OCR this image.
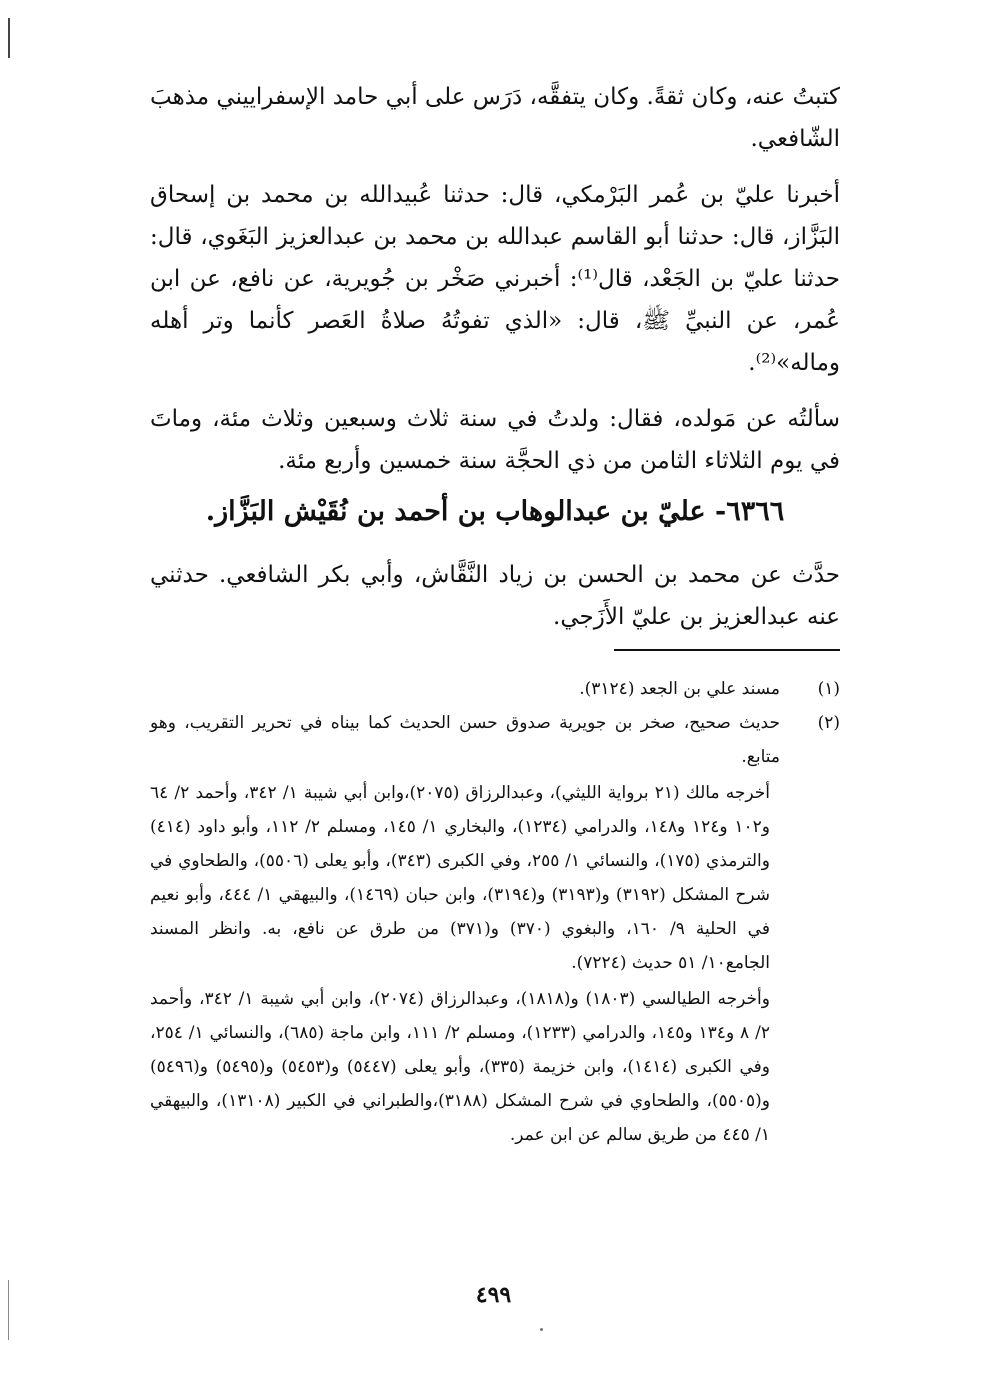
كتبتُ عنه، وكان ثقةً. وكان يتفقَّه، دَرَس على أبي حامد الإسفراييني مذهبَ الشّافعي.

أخبرنا عليّ بن عُمر البَرْمكي، قال: حدثنا عُبيدالله بن محمد بن إسحاق البَزَّاز، قال: حدثنا أبو القاسم عبدالله بن محمد بن عبدالعزيز البَغَوي، قال: حدثنا عليّ بن الجَعْد، قال⁽¹⁾: أخبرني صَخْر بن جُويرية، عن نافع، عن ابن عُمر، عن النبيِّ ﷺ، قال: «الذي تفوتُهُ صلاةُ العَصر كأنما وتر أهله وماله»⁽²⁾.

سألتُه عن مَولده، فقال: ولدتُ في سنة ثلاث وسبعين وثلاث مئة، وماتَ في يوم الثلاثاء الثامن من ذي الحجَّة سنة خمسين وأربع مئة.

٦٣٦٦- عليّ بن عبدالوهاب بن أحمد بن نُقَيْش البَزَّاز.

حدَّث عن محمد بن الحسن بن زياد النَّقَّاش، وأبي بكر الشافعي. حدثني عنه عبدالعزيز بن عليّ الأَزَجي.

(١)
مسند علي بن الجعد (٣١٢٤).
(٢)
حديث صحيح، صخر بن جويرية صدوق حسن الحديث كما بيناه في تحرير التقريب، وهو متابع.
أخرجه مالك (٢١ برواية الليثي)، وعبدالرزاق (٢٠٧٥)،وابن أبي شيبة ١/ ٣٤٢، وأحمد ٢/ ٦٤ و١٠٢ و١٢٤ و١٤٨، والدرامي (١٢٣٤)، والبخاري ١/ ١٤٥، ومسلم ٢/ ١١٢، وأبو داود (٤١٤) والترمذي (١٧٥)، والنسائي ١/ ٢٥٥، وفي الكبرى (٣٤٣)، وأبو يعلى (٥٥٠٦)، والطحاوي في شرح المشكل (٣١٩٢) و(٣١٩٣) و(٣١٩٤)، وابن حبان (١٤٦٩)، والبيهقي ١/ ٤٤٤، وأبو نعيم في الحلية ٩/ ١٦٠، والبغوي (٣٧٠) و(٣٧١) من طرق عن نافع، به. وانظر المسند الجامع١٠/ ٥١ حديث (٧٢٢٤).
وأخرجه الطيالسي (١٨٠٣) و(١٨١٨)، وعبدالرزاق (٢٠٧٤)، وابن أبي شيبة ١/ ٣٤٢، وأحمد ٢/ ٨ و١٣٤ و١٤٥، والدرامي (١٢٣٣)، ومسلم ٢/ ١١١، وابن ماجة (٦٨٥)، والنسائي ١/ ٢٥٤، وفي الكبرى (١٤١٤)، وابن خزيمة (٣٣٥)، وأبو يعلى (٥٤٤٧) و(٥٤٥٣) و(٥٤٩٥) و(٥٤٩٦) و(٥٥٠٥)، والطحاوي في شرح المشكل (٣١٨٨)،والطبراني في الكبير (١٣١٠٨)، والبيهقي ١/ ٤٤٥ من طريق سالم عن ابن عمر.
٤٩٩
